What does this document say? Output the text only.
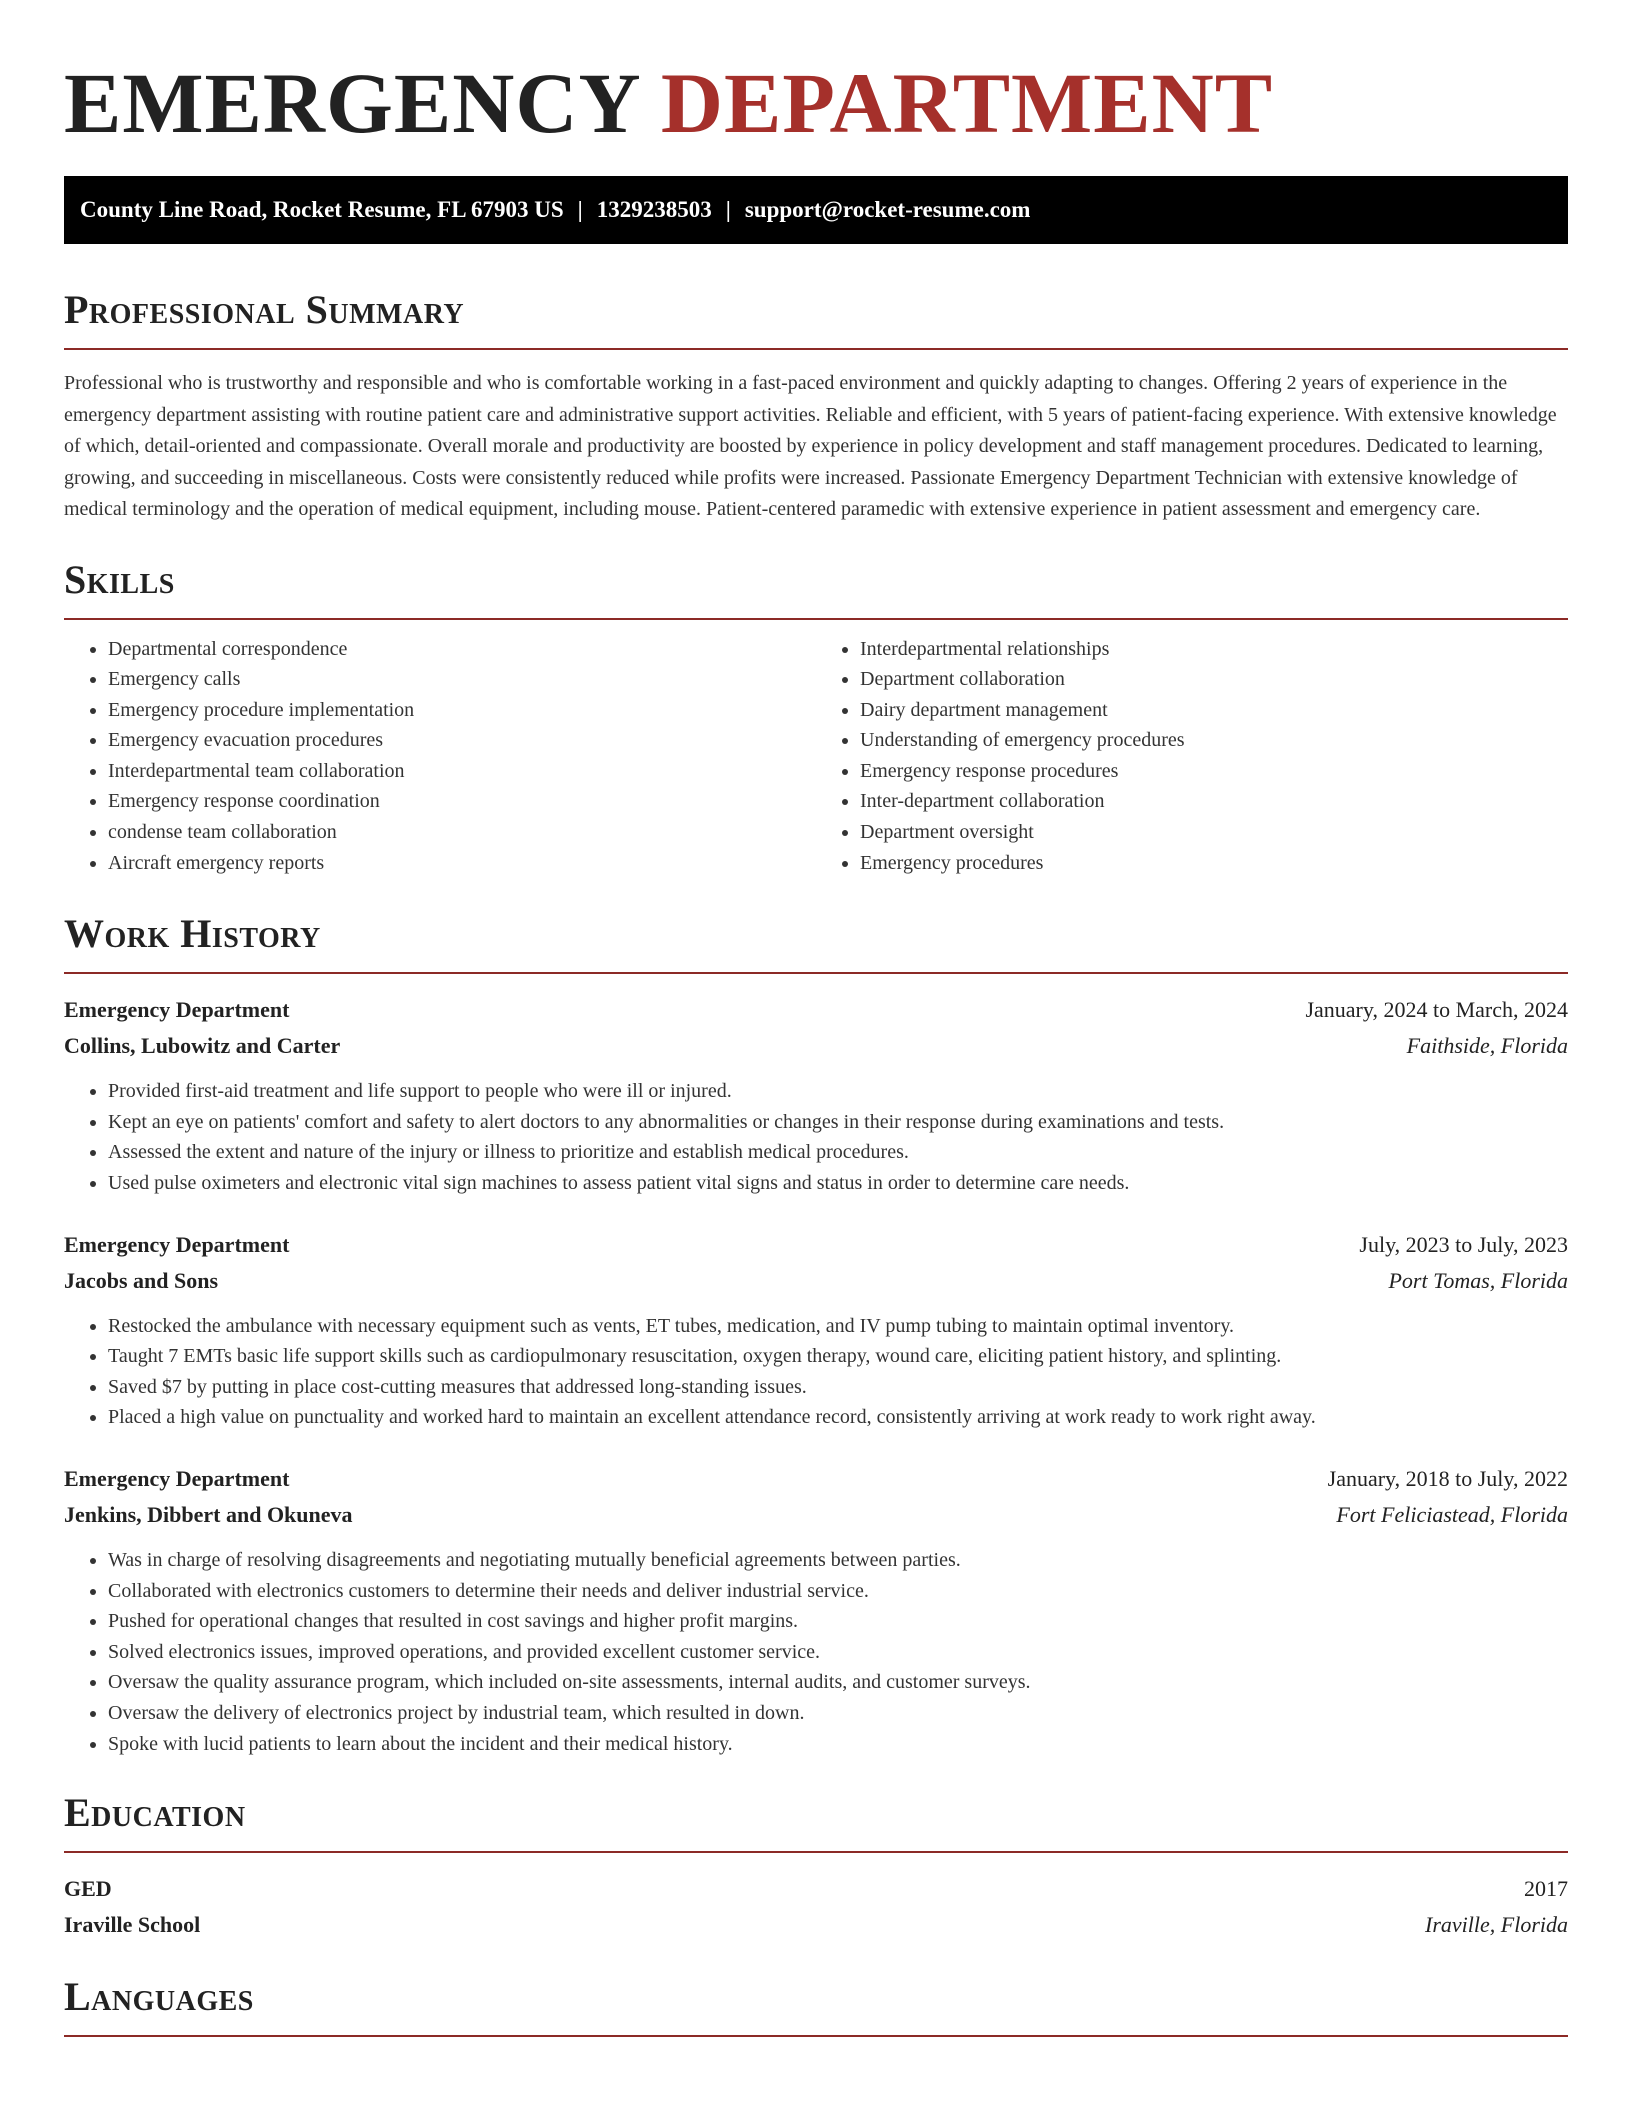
EMERGENCY DEPARTMENT
County Line Road, Rocket Resume, FL 67903 US | 1329238503 | support@rocket-resume.com
Professional Summary

Professional who is trustworthy and responsible and who is comfortable working in a fast-paced environment and quickly adapting to changes. Offering 2 years of experience in the emergency department assisting with routine patient care and administrative support activities. Reliable and efficient, with 5 years of patient-facing experience. With extensive knowledge of which, detail-oriented and compassionate. Overall morale and productivity are boosted by experience in policy development and staff management procedures. Dedicated to learning, growing, and succeeding in miscellaneous. Costs were consistently reduced while profits were increased. Passionate Emergency Department Technician with extensive knowledge of medical terminology and the operation of medical equipment, including mouse. Patient-centered paramedic with extensive experience in patient assessment and emergency care.

Skills
• Departmental correspondence
• Emergency calls
• Emergency procedure implementation
• Emergency evacuation procedures
• Interdepartmental team collaboration
• Emergency response coordination
• condense team collaboration
• Aircraft emergency reports
• Interdepartmental relationships
• Department collaboration
• Dairy department management
• Understanding of emergency procedures
• Emergency response procedures
• Inter-department collaboration
• Department oversight
• Emergency procedures
Work History
Emergency Department	January, 2024 to March, 2024
Collins, Lubowitz and Carter	Faithside, Florida
• Provided first-aid treatment and life support to people who were ill or injured.
• Kept an eye on patients' comfort and safety to alert doctors to any abnormalities or changes in their response during examinations and tests.
• Assessed the extent and nature of the injury or illness to prioritize and establish medical procedures.
• Used pulse oximeters and electronic vital sign machines to assess patient vital signs and status in order to determine care needs.
Emergency Department	July, 2023 to July, 2023
Jacobs and Sons	Port Tomas, Florida
• Restocked the ambulance with necessary equipment such as vents, ET tubes, medication, and IV pump tubing to maintain optimal inventory.
• Taught 7 EMTs basic life support skills such as cardiopulmonary resuscitation, oxygen therapy, wound care, eliciting patient history, and splinting.
• Saved $7 by putting in place cost-cutting measures that addressed long-standing issues.
• Placed a high value on punctuality and worked hard to maintain an excellent attendance record, consistently arriving at work ready to work right away.
Emergency Department	January, 2018 to July, 2022
Jenkins, Dibbert and Okuneva	Fort Feliciastead, Florida
• Was in charge of resolving disagreements and negotiating mutually beneficial agreements between parties.
• Collaborated with electronics customers to determine their needs and deliver industrial service.
• Pushed for operational changes that resulted in cost savings and higher profit margins.
• Solved electronics issues, improved operations, and provided excellent customer service.
• Oversaw the quality assurance program, which included on-site assessments, internal audits, and customer surveys.
• Oversaw the delivery of electronics project by industrial team, which resulted in down.
• Spoke with lucid patients to learn about the incident and their medical history.
Education
GED	2017
Iraville School	Iraville, Florida
Languages
